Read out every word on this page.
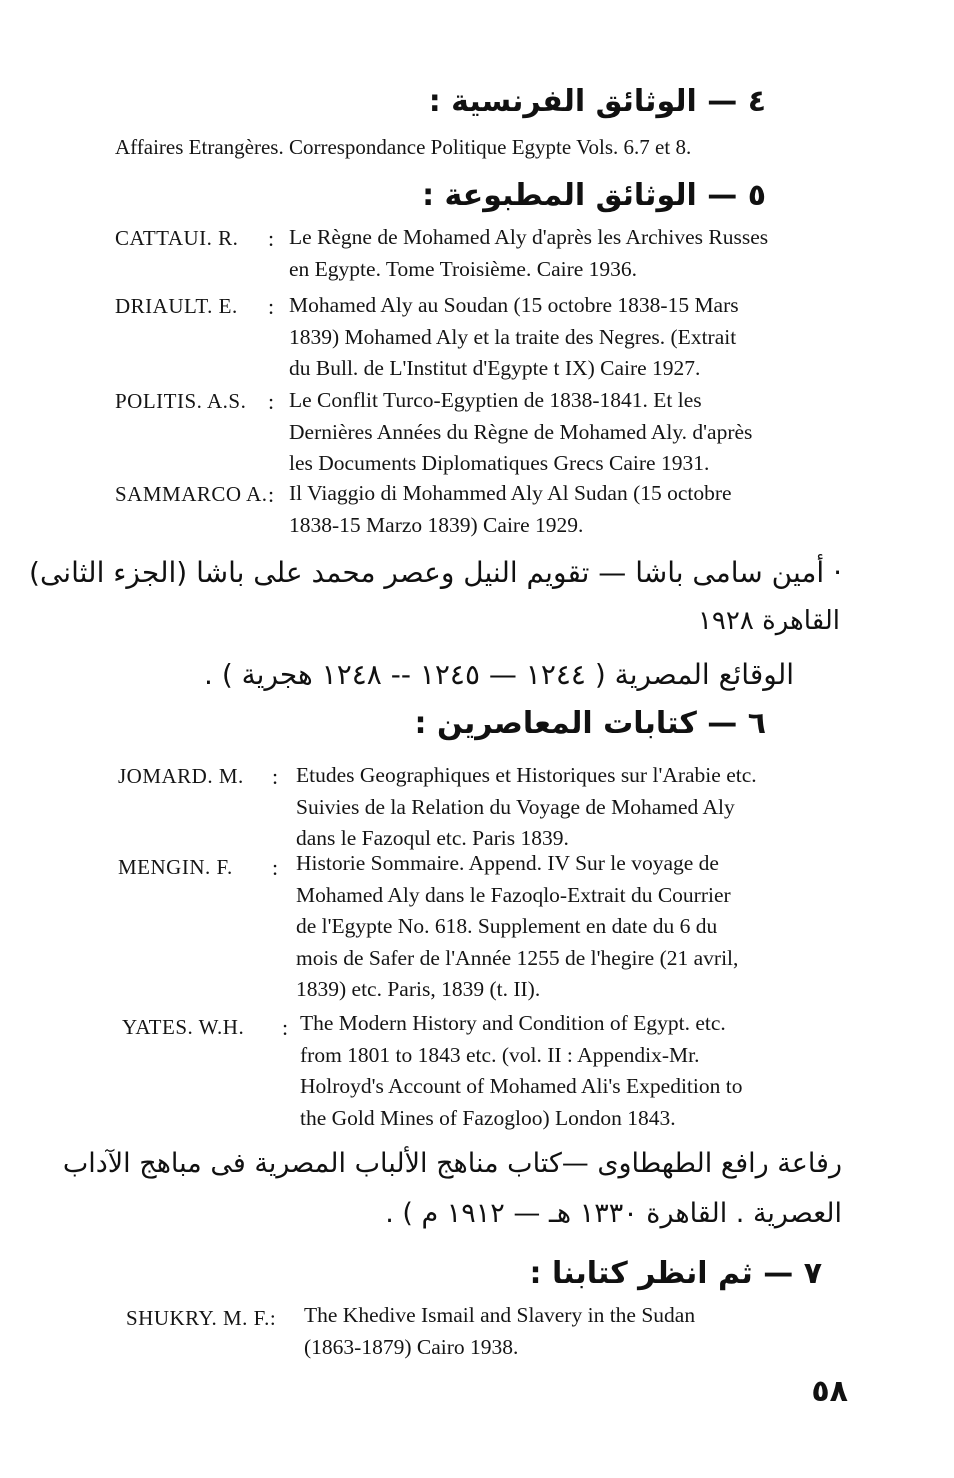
٤ — الوثائق الفرنسية :
Affaires Etrangères. Correspondance Politique Egypte Vols. 6.7 et 8.
٥ — الوثائق المطبوعة :
CATTAUI. R. : Le Règne de Mohamed Aly d'après les Archives Russes
en Egypte. Tome Troisième. Caire 1936.
DRIAULT. E. : Mohamed Aly au Soudan (15 octobre 1838-15 Mars
1839) Mohamed Aly et la traite des Negres. (Extrait
du Bull. de L'Institut d'Egypte t IX) Caire 1927.
POLITIS. A.S. : Le Conflit Turco-Egyptien de 1838-1841. Et les
Dernières Années du Règne de Mohamed Aly. d'après
les Documents Diplomatiques Grecs Caire 1931.
SAMMARCO A. : Il Viaggio di Mohammed Aly Al Sudan (15 octobre
1838-15 Marzo 1839) Caire 1929.
· أمين سامى باشا — تقويم النيل وعصر محمد على باشا (الجزء الثانى)
القاهرة ١٩٢٨
الوقائع المصرية ( ١٢٤٤ — ١٢٤٥ -- ١٢٤٨ هجرية ) .
٦ — كتابات المعاصرين :
JOMARD. M. : Etudes Geographiques et Historiques sur l'Arabie etc.
Suivies de la Relation du Voyage de Mohamed Aly
dans le Fazoqul etc. Paris 1839.
MENGIN. F. : Historie Sommaire. Append. IV Sur le voyage de
Mohamed Aly dans le Fazoqlo-Extrait du Courrier
de l'Egypte No. 618. Supplement en date du 6 du
mois de Safer de l'Année 1255 de l'hegire (21 avril,
1839) etc. Paris, 1839 (t. II).
YATES. W.H. : The Modern History and Condition of Egypt. etc.
from 1801 to 1843 etc. (vol. II : Appendix-Mr.
Holroyd's Account of Mohamed Ali's Expedition to
the Gold Mines of Fazogloo) London 1843.
رفاعة رافع الطهطاوى —كتاب مناهج الألباب المصرية فى مباهج الآداب
العصرية . القاهرة ١٣٣٠ هـ — ١٩١٢ م ) .
٧ — ثم انظر كتابنا :
SHUKRY. M. F.: The Khedive Ismail and Slavery in the Sudan
(1863-1879) Cairo 1938.
٥٨
